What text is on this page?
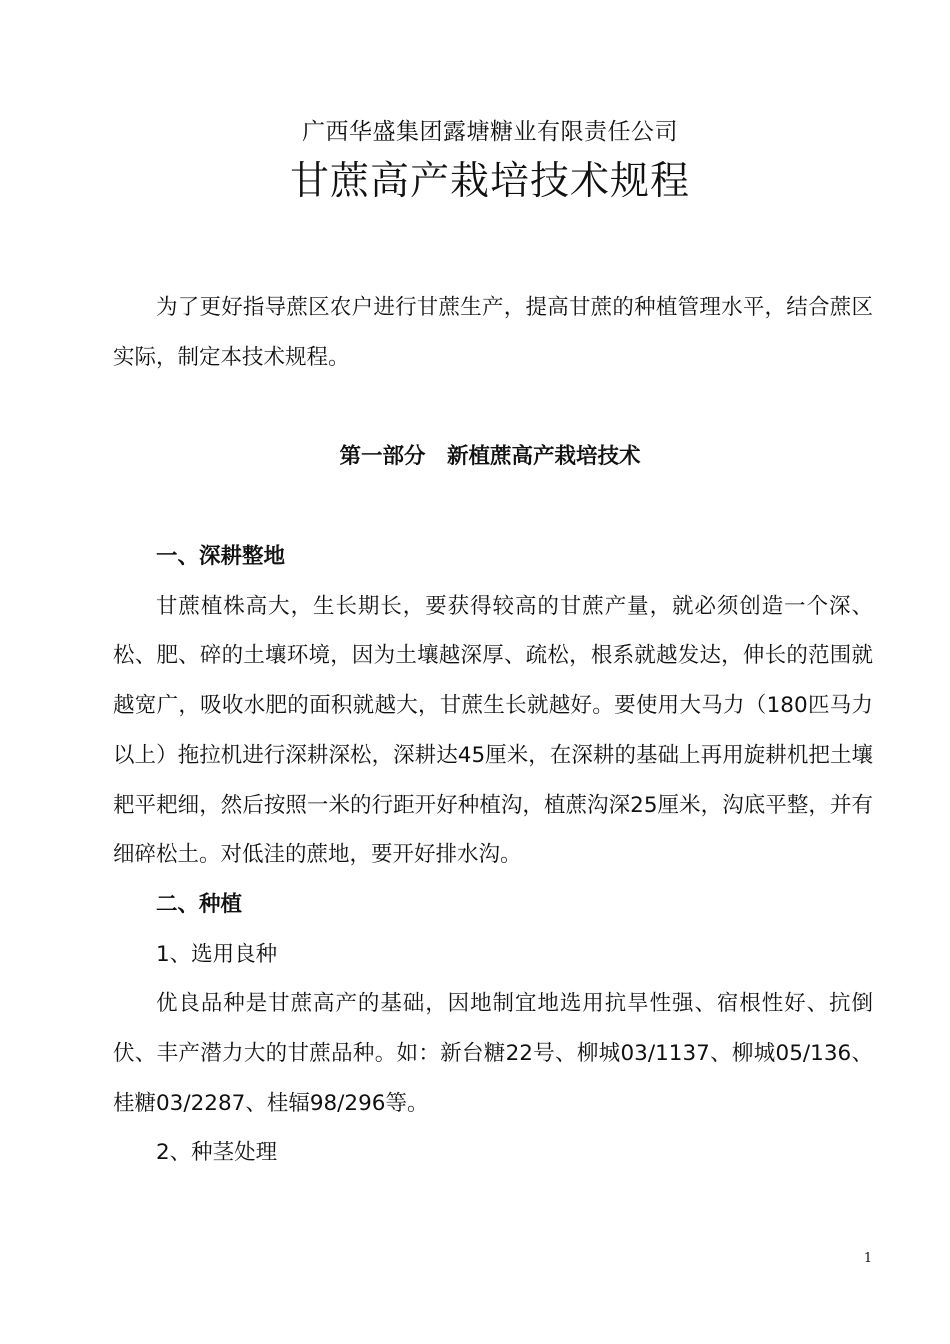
广西华盛集团露塘糖业有限责任公司
甘蔗高产栽培技术规程

为了更好指导蔗区农户进行甘蔗生产，提高甘蔗的种植管理水平，结合蔗区实际，制定本技术规程。

第一部分　新植蔗高产栽培技术

一、深耕整地

甘蔗植株高大，生长期长，要获得较高的甘蔗产量，就必须创造一个深、松、肥、碎的土壤环境，因为土壤越深厚、疏松，根系就越发达，伸长的范围就越宽广，吸收水肥的面积就越大，甘蔗生长就越好。要使用大马力（180匹马力以上）拖拉机进行深耕深松，深耕达45厘米，在深耕的基础上再用旋耕机把土壤耙平耙细，然后按照一米的行距开好种植沟，植蔗沟深25厘米，沟底平整，并有细碎松土。对低洼的蔗地，要开好排水沟。

二、种植

1、选用良种

优良品种是甘蔗高产的基础，因地制宜地选用抗旱性强、宿根性好、抗倒伏、丰产潜力大的甘蔗品种。如：新台糖22号、柳城03/1137、柳城05/136、桂糖03/2287、桂辐98/296等。

2、种茎处理

1
